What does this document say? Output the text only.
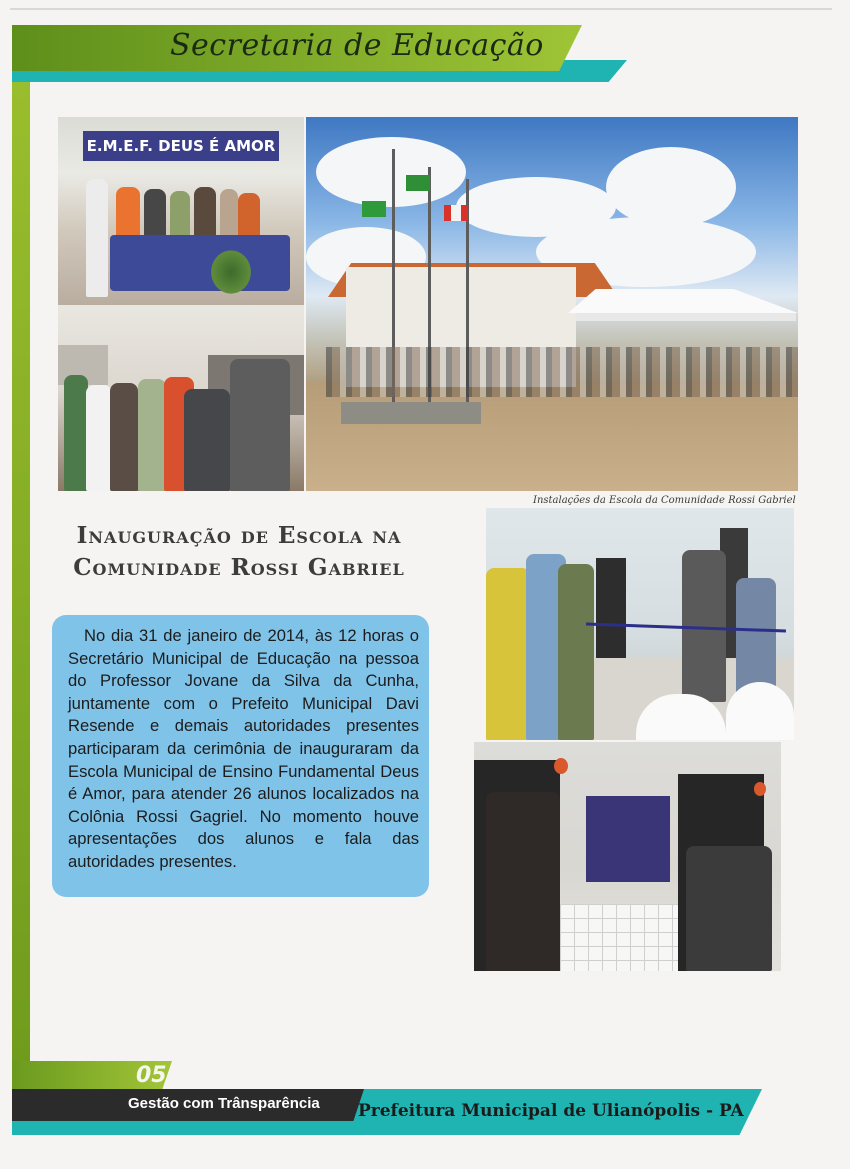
Secretaria de Educação
E.M.E.F. DEUS É AMOR
Instalações da Escola da Comunidade Rossi Gabriel
Inauguração de Escola na
Comunidade Rossi Gabriel

No dia 31 de janeiro de 2014, às 12 horas o Secretário Municipal de Educação na pessoa do Professor Jovane da Silva da Cunha, juntamente com o Prefeito Municipal Davi Resende e demais autoridades presentes participaram da cerimônia de inauguraram da Escola Municipal de Ensino Fundamental Deus é Amor, para atender 26 alunos localizados na Colônia Rossi Gagriel. No momento houve apresentações dos alunos e fala das autoridades presentes.

05
Gestão com Trânsparência Prefeitura Municipal de Ulianópolis - PA
